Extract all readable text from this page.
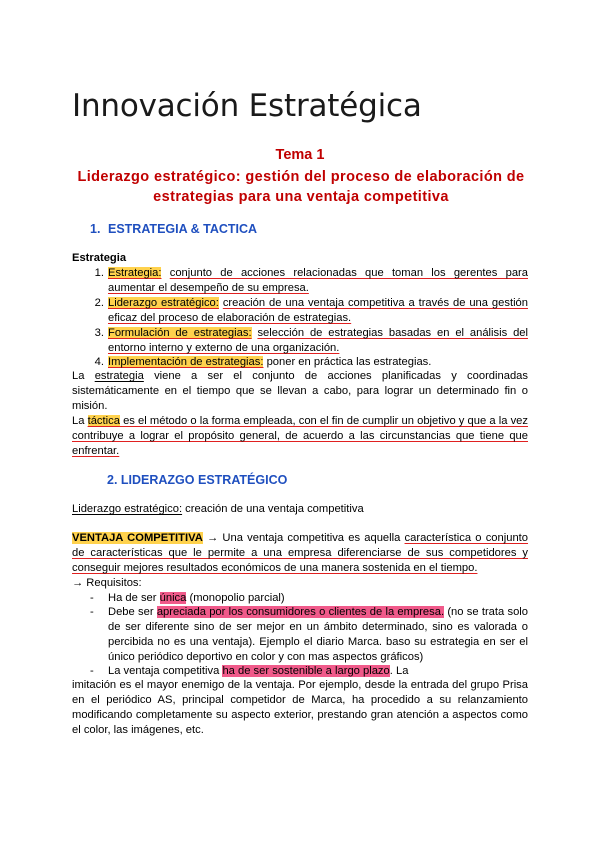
Innovación Estratégica
Tema 1
Liderazgo estratégico: gestión del proceso de elaboración de estrategias para una ventaja competitiva
1. ESTRATEGIA & TACTICA
Estrategia
1. Estrategia: conjunto de acciones relacionadas que toman los gerentes para aumentar el desempeño de su empresa.
2. Liderazgo estratégico: creación de una ventaja competitiva a través de una gestión eficaz del proceso de elaboración de estrategias.
3. Formulación de estrategias: selección de estrategias basadas en el análisis del entorno interno y externo de una organización.
4. Implementación de estrategias: poner en práctica las estrategias.
La estrategia viene a ser el conjunto de acciones planificadas y coordinadas sistemáticamente en el tiempo que se llevan a cabo, para lograr un determinado fin o misión.
La táctica es el método o la forma empleada, con el fin de cumplir un objetivo y que a la vez contribuye a lograr el propósito general, de acuerdo a las circunstancias que tiene que enfrentar.
2. LIDERAZGO ESTRATÉGICO
Liderazgo estratégico: creación de una ventaja competitiva
VENTAJA COMPETITIVA → Una ventaja competitiva es aquella característica o conjunto de características que le permite a una empresa diferenciarse de sus competidores y conseguir mejores resultados económicos de una manera sostenida en el tiempo.
→ Requisitos:
- Ha de ser única (monopolio parcial)
- Debe ser apreciada por los consumidores o clientes de la empresa. (no se trata solo de ser diferente sino de ser mejor en un ámbito determinado, sino es valorada o percibida no es una ventaja). Ejemplo el diario Marca. baso su estrategia en ser el único periódico deportivo en color y con mas aspectos gráficos)
- La ventaja competitiva ha de ser sostenible a largo plazo. La
imitación es el mayor enemigo de la ventaja. Por ejemplo, desde la entrada del grupo Prisa en el periódico AS, principal competidor de Marca, ha procedido a su relanzamiento modificando completamente su aspecto exterior, prestando gran atención a aspectos como el color, las imágenes, etc.
